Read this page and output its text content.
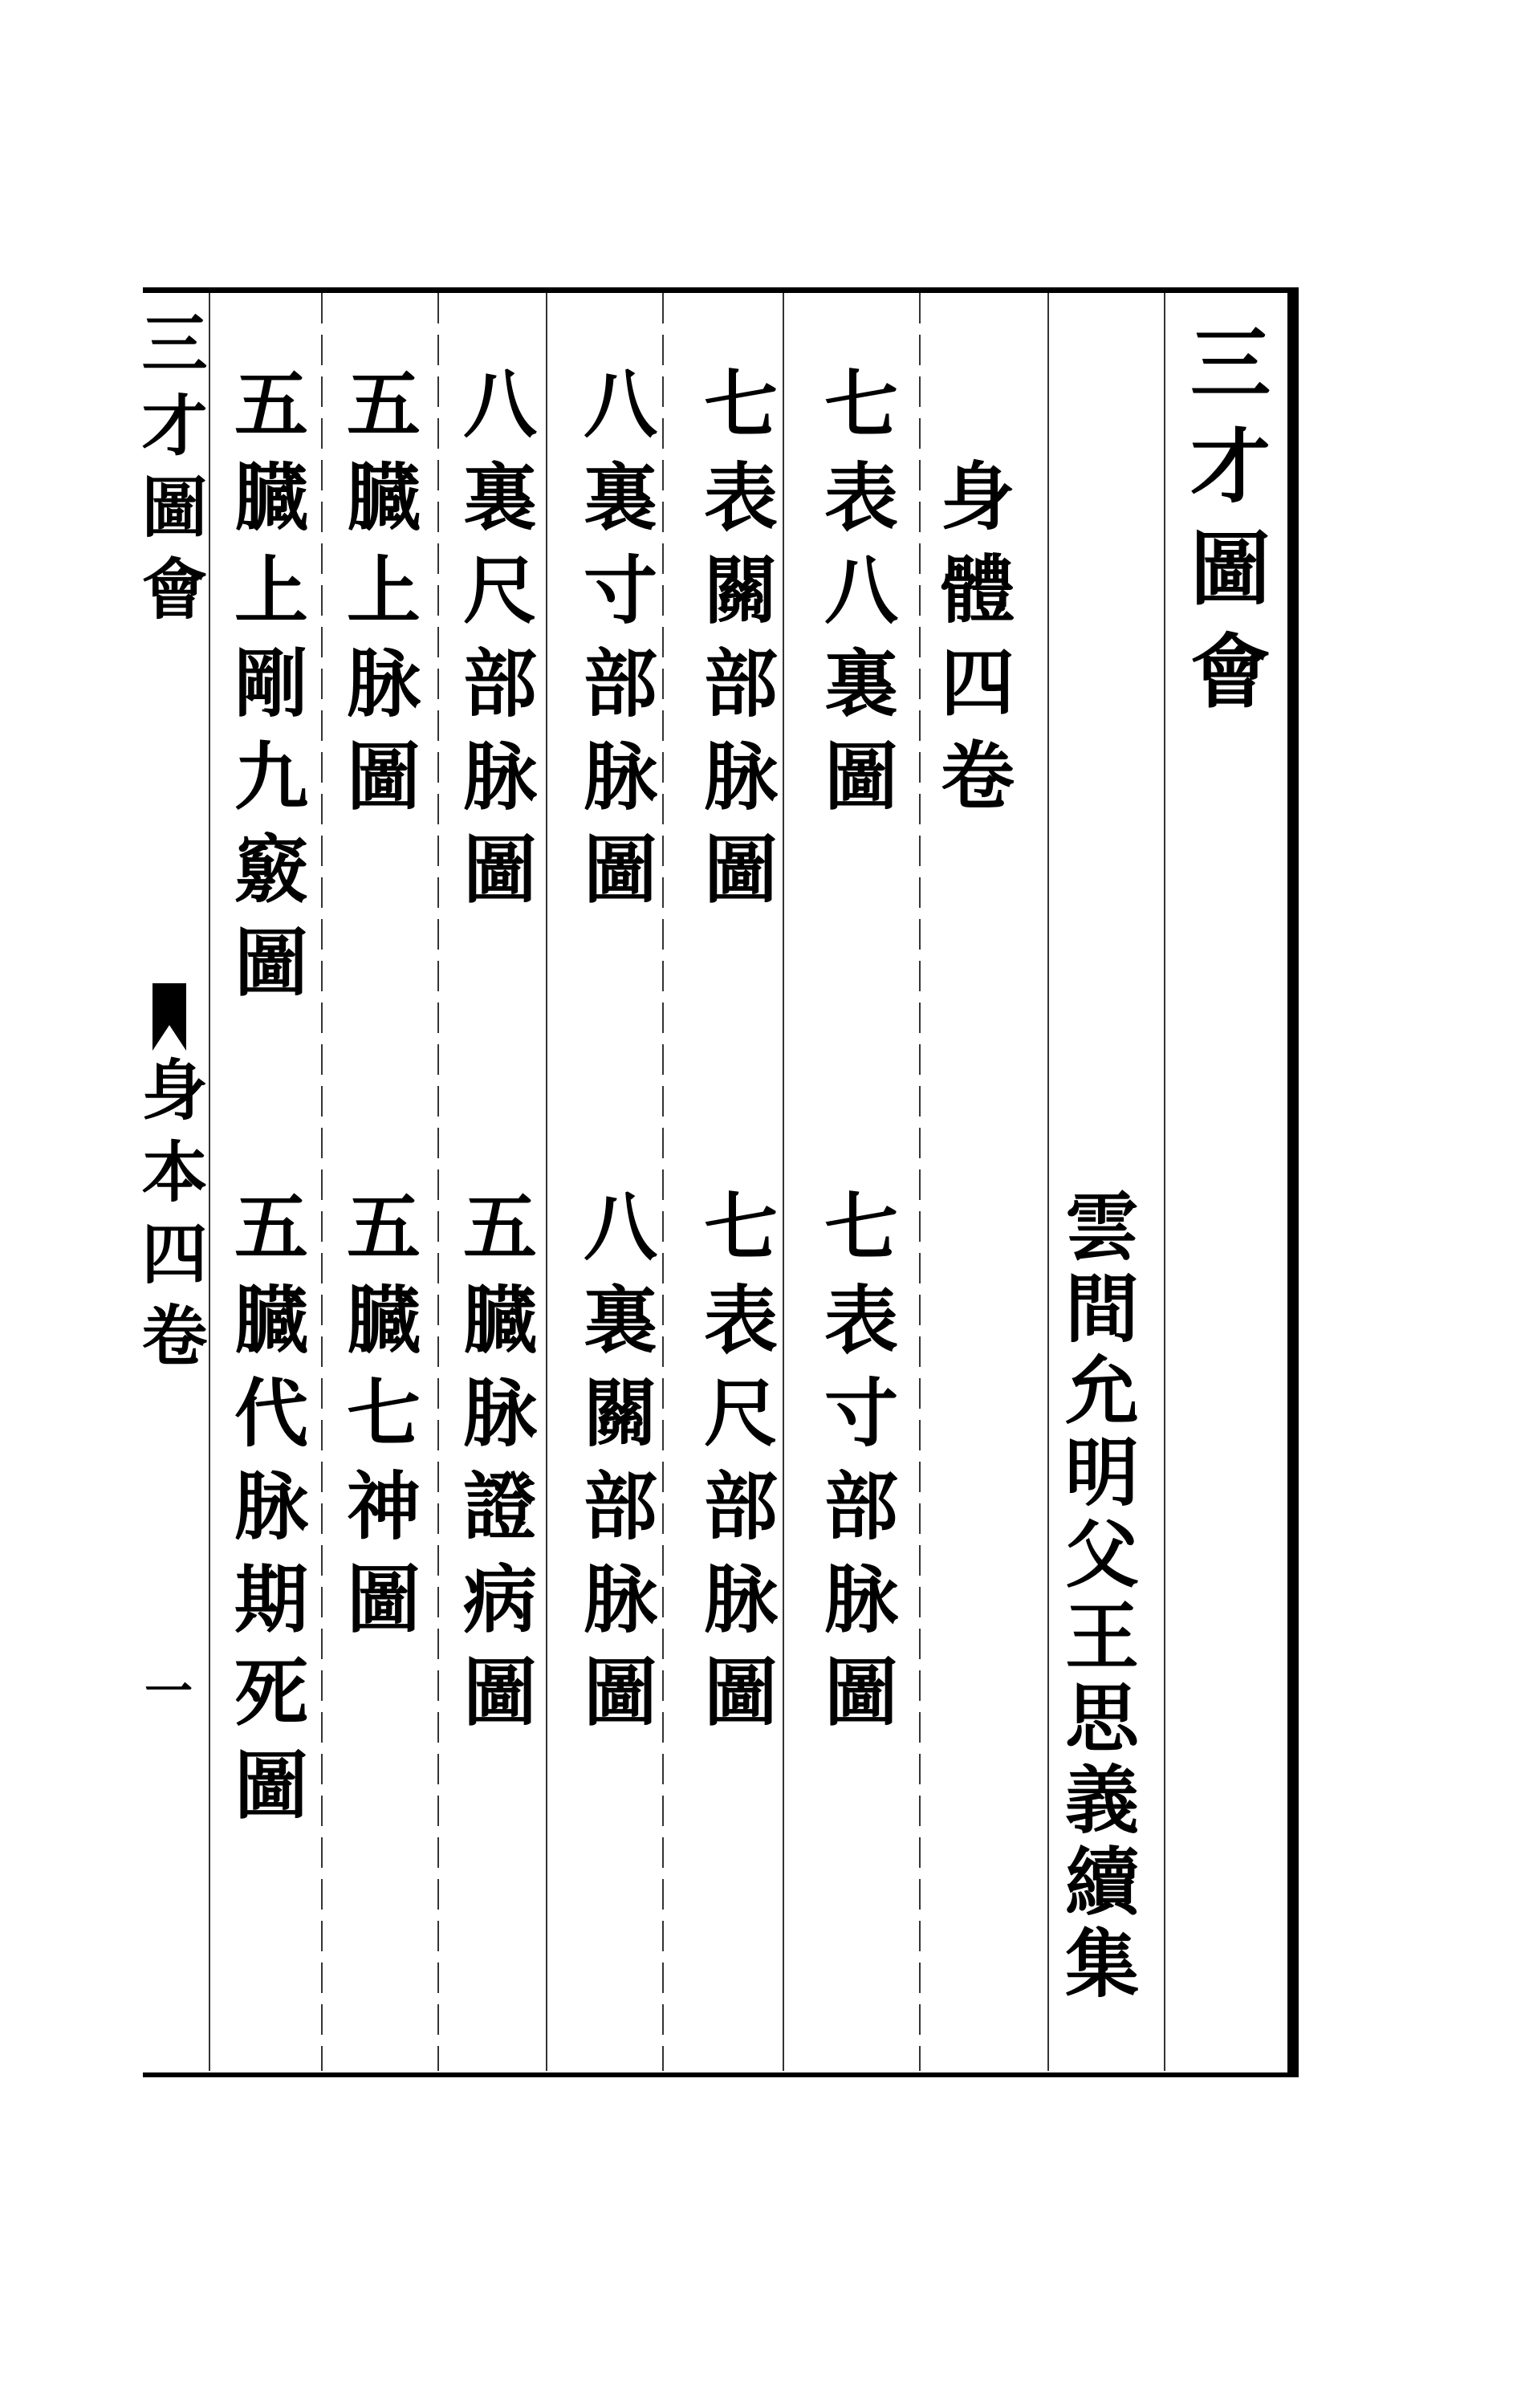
三才圖會
身體四卷
雲間允明父王思義續集
七表八裏圖
七表關部脉圖
八裏寸部脉圖
八裏尺部脉圖
五臓上脉圖
五臓上剛九竅圖
七表寸部脉圖
七表尺部脉圖
八裏關部脉圖
五臓脉證病圖
五臓七神圖
五臓代脉期死圖
三才圖會
身本四卷
一
